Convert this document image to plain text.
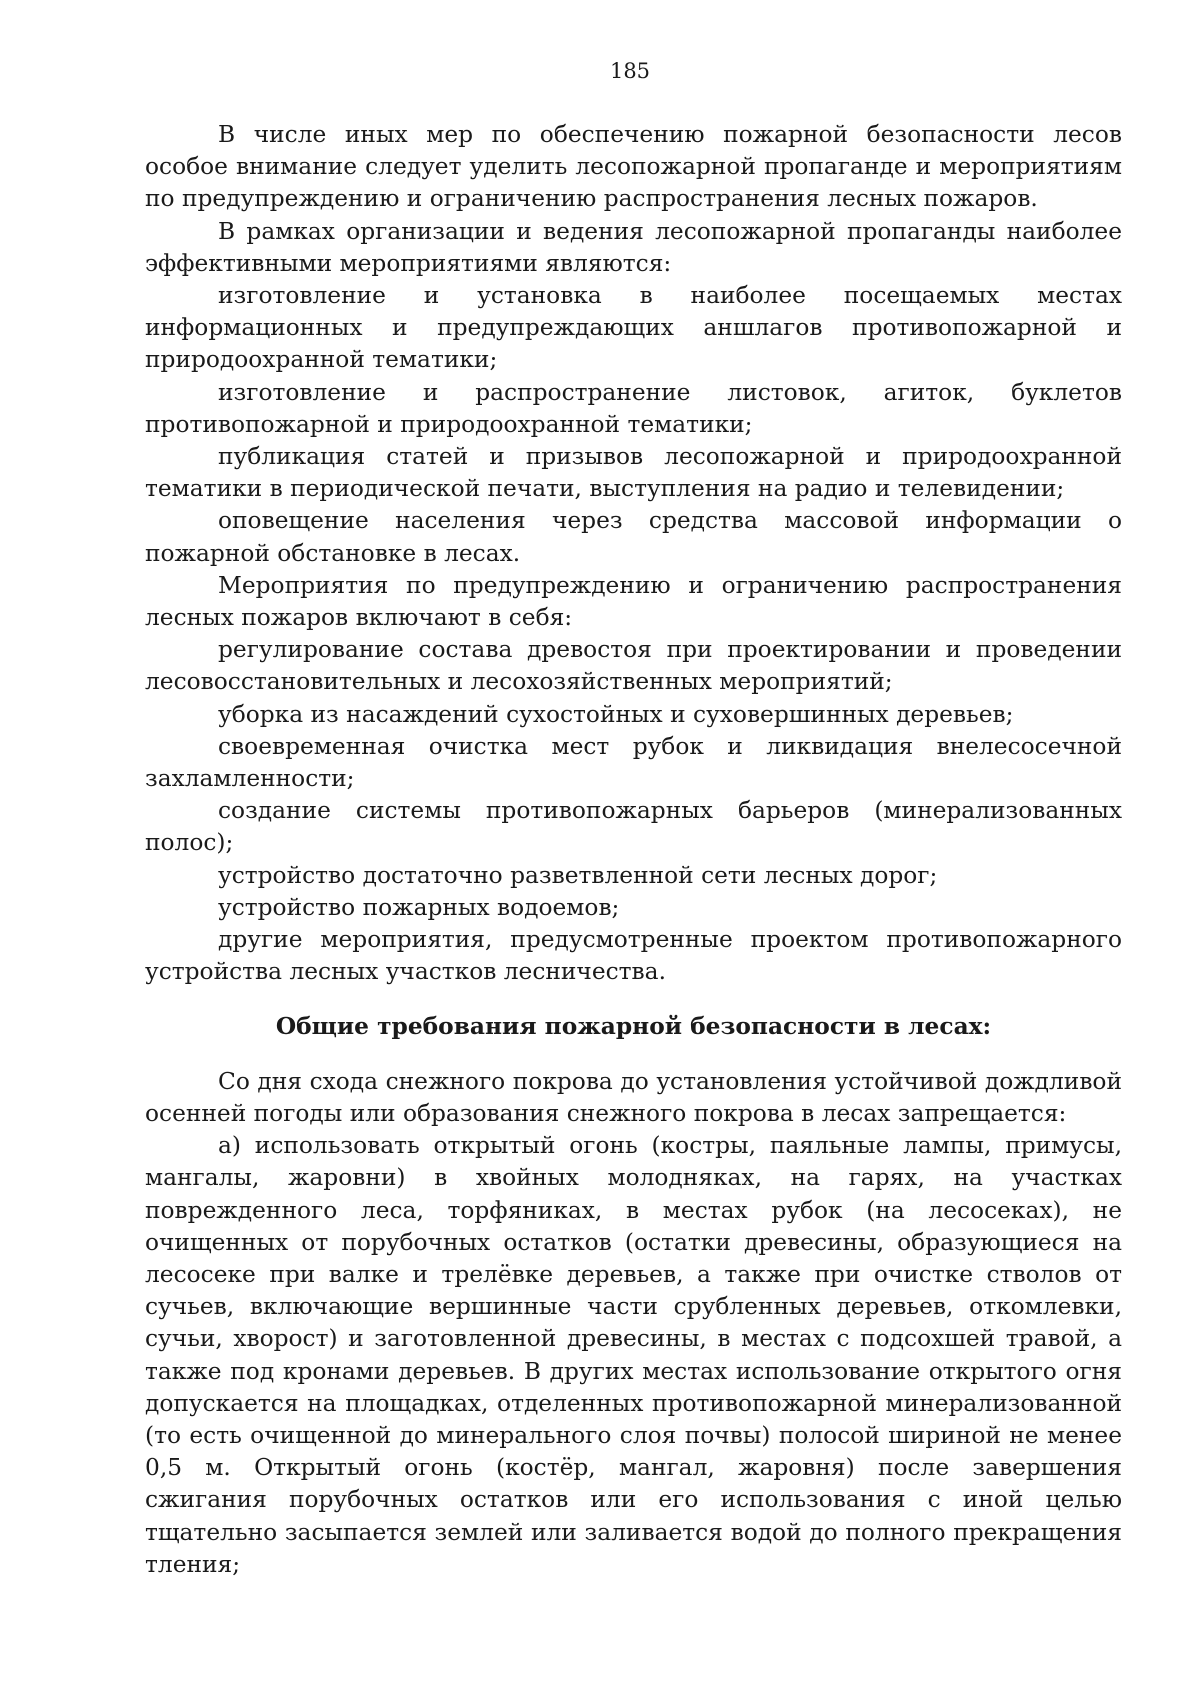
185

В числе иных мер по обеспечению пожарной безопасности лесов особое внимание следует уделить лесопожарной пропаганде и мероприятиям по предупреждению и ограничению распространения лесных пожаров.

В рамках организации и ведения лесопожарной пропаганды наиболее эффективными мероприятиями являются:

изготовление и установка в наиболее посещаемых местах информационных и предупреждающих аншлагов противопожарной и природоохранной тематики;

изготовление и распространение листовок, агиток, буклетов противопожарной и природоохранной тематики;

публикация статей и призывов лесопожарной и природоохранной тематики в периодической печати, выступления на радио и телевидении;

оповещение населения через средства массовой информации о пожарной обстановке в лесах.

Мероприятия по предупреждению и ограничению распространения лесных пожаров включают в себя:

регулирование состава древостоя при проектировании и проведении лесовосстановительных и лесохозяйственных мероприятий;

уборка из насаждений сухостойных и суховершинных деревьев;

своевременная очистка мест рубок и ликвидация внелесосечной захламленности;

создание системы противопожарных барьеров (минерализованных полос);

устройство достаточно разветвленной сети лесных дорог;

устройство пожарных водоемов;

другие мероприятия, предусмотренные проектом противопожарного устройства лесных участков лесничества.

Общие требования пожарной безопасности в лесах:

Со дня схода снежного покрова до установления устойчивой дождливой осенней погоды или образования снежного покрова в лесах запрещается:

а) использовать открытый огонь (костры, паяльные лампы, примусы, мангалы, жаровни) в хвойных молодняках, на гарях, на участках поврежденного леса, торфяниках, в местах рубок (на лесосеках), не очищенных от порубочных остатков (остатки древесины, образующиеся на лесосеке при валке и трелёвке деревьев, а также при очистке стволов от сучьев, включающие вершинные части срубленных деревьев, откомлевки, сучьи, хворост) и заготовленной древесины, в местах с подсохшей травой, а также под кронами деревьев. В других местах использование открытого огня допускается на площадках, отделенных противопожарной минерализованной (то есть очищенной до минерального слоя почвы) полосой шириной не менее 0,5 м. Открытый огонь (костёр, мангал, жаровня) после завершения сжигания порубочных остатков или его использования с иной целью тщательно засыпается землей или заливается водой до полного прекращения тления;
